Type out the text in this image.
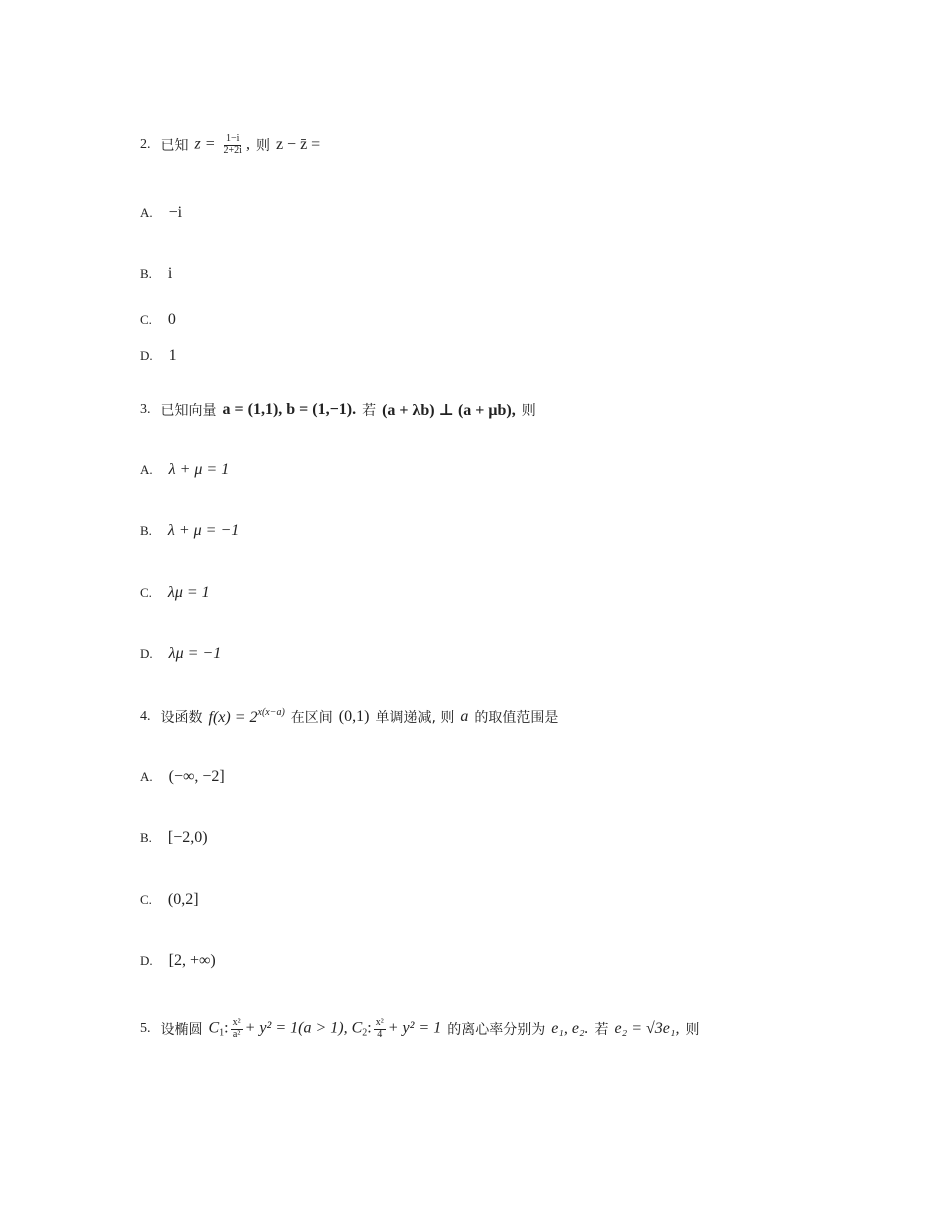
2. 已知 $z = \frac{1-i}{2+2i}$ , 则 z − z̄ =
A. −i
B. i
C. 0
D. 1
3. 已知向量 a = (1,1), b = (1,−1). 若 (a + λb) ⊥ (a + μb), 则
A. λ + μ = 1
B. λ + μ = −1
C. λμ = 1
D. λμ = −1
4. 设函数 $f(x) = 2^{x(x-a)}$ 在区间 (0,1) 单调递减, 则 a 的取值范围是
A. (−∞, −2]
B. [−2,0)
C. (0,2]
D. [2, +∞)
5. 设椭圆 $C_1$: $\frac{\text{x²}}{\text{a²}} + y^2 = 1(a > 1)$, $C_2$: $\frac{\text{x²}}{4} + y^2 = 1$ 的离心率分别为 e₁, e₂. 若 e₂ = √3e₁, 则
